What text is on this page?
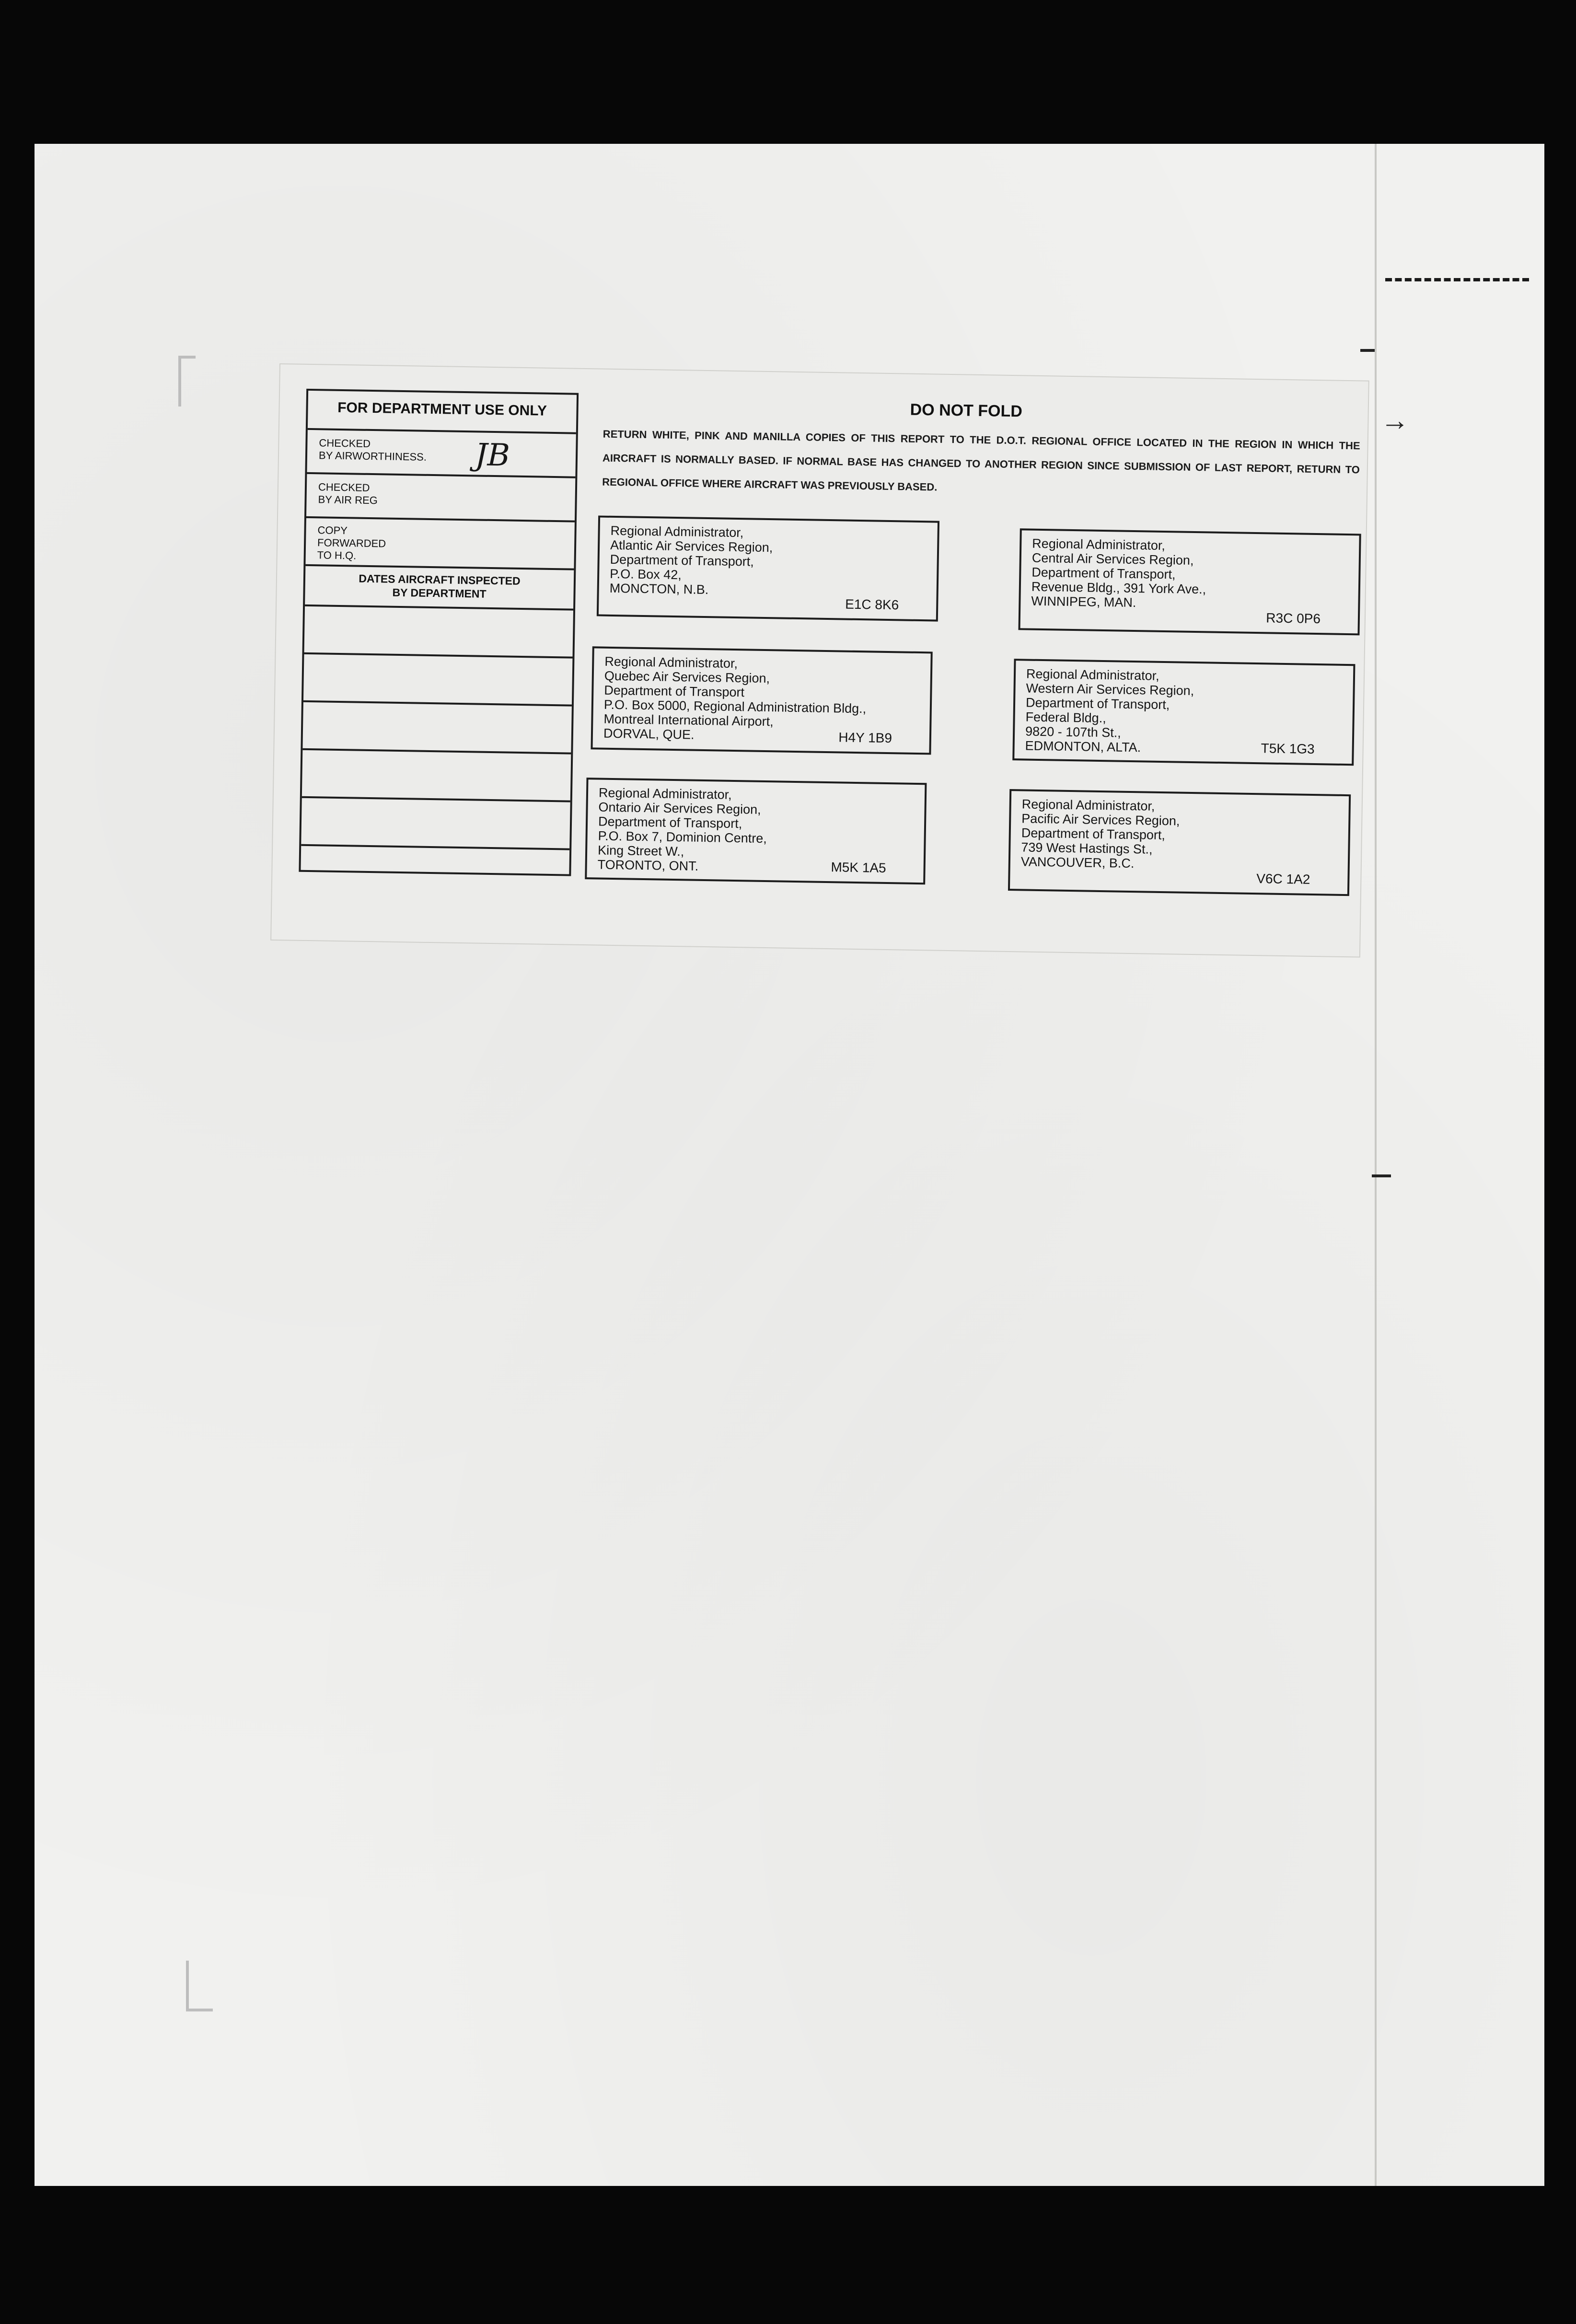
→
FOR DEPARTMENT USE ONLY
CHECKED
BY AIRWORTHINESS. JB
CHECKED
BY AIR REG
COPY
FORWARDED
TO H.Q.
DATES AIRCRAFT INSPECTED
BY DEPARTMENT
DO NOT FOLD
RETURN WHITE, PINK AND MANILLA COPIES OF THIS REPORT TO THE D.O.T. REGIONAL OFFICE LOCATED IN THE REGION IN WHICH THE AIRCRAFT IS NORMALLY BASED. IF NORMAL BASE HAS CHANGED TO ANOTHER REGION SINCE SUBMISSION OF LAST REPORT, RETURN TO REGIONAL OFFICE WHERE AIRCRAFT WAS PREVIOUSLY BASED.
Regional Administrator,
Atlantic Air Services Region,
Department of Transport,
P.O. Box 42,
MONCTON, N.B.
E1C 8K6
Regional Administrator,
Quebec Air Services Region,
Department of Transport
P.O. Box 5000, Regional Administration Bldg.,
Montreal International Airport,
DORVAL, QUE.	H4Y 1B9
Regional Administrator,
Ontario Air Services Region,
Department of Transport,
P.O. Box 7, Dominion Centre,
King Street W.,
TORONTO, ONT.	M5K 1A5
Regional Administrator,
Central Air Services Region,
Department of Transport,
Revenue Bldg., 391 York Ave.,
WINNIPEG, MAN.
R3C 0P6
Regional Administrator,
Western Air Services Region,
Department of Transport,
Federal Bldg.,
9820 - 107th St.,
EDMONTON, ALTA.	T5K 1G3
Regional Administrator,
Pacific Air Services Region,
Department of Transport,
739 West Hastings St.,
VANCOUVER, B.C.
V6C 1A2
